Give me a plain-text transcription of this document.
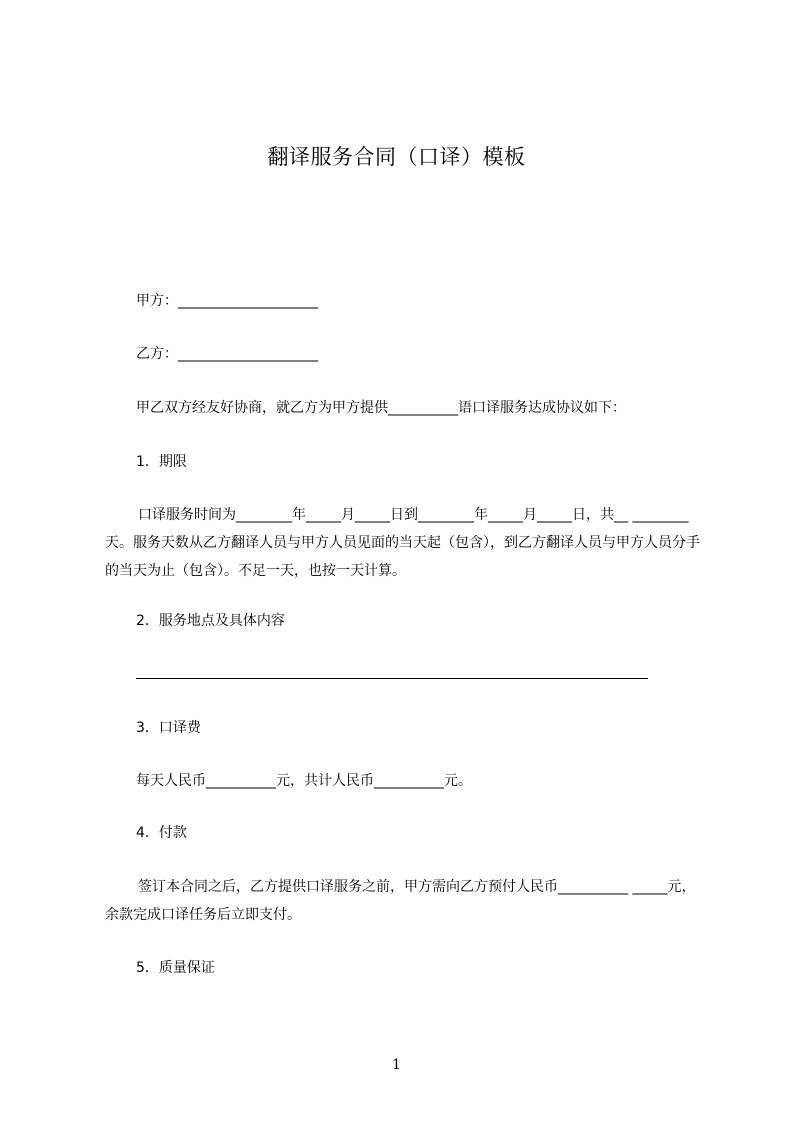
翻译服务合同（口译）模板
甲方：____________________
乙方：____________________
甲乙双方经友好协商，就乙方为甲方提供__________语口译服务达成协议如下：
1．期限
口译服务时间为________年_____月_____日到________年_____月_____日，共__ ________天。服务天数从乙方翻译人员与甲方人员见面的当天起（包含），到乙方翻译人员与甲方人员分手的当天为止（包含）。不足一天，也按一天计算。
2．服务地点及具体内容
3．口译费
每天人民币__________元，共计人民币__________元。
4．付款
签订本合同之后，乙方提供口译服务之前，甲方需向乙方预付人民币__________ _____元，余款完成口译任务后立即支付。
5．质量保证
1
